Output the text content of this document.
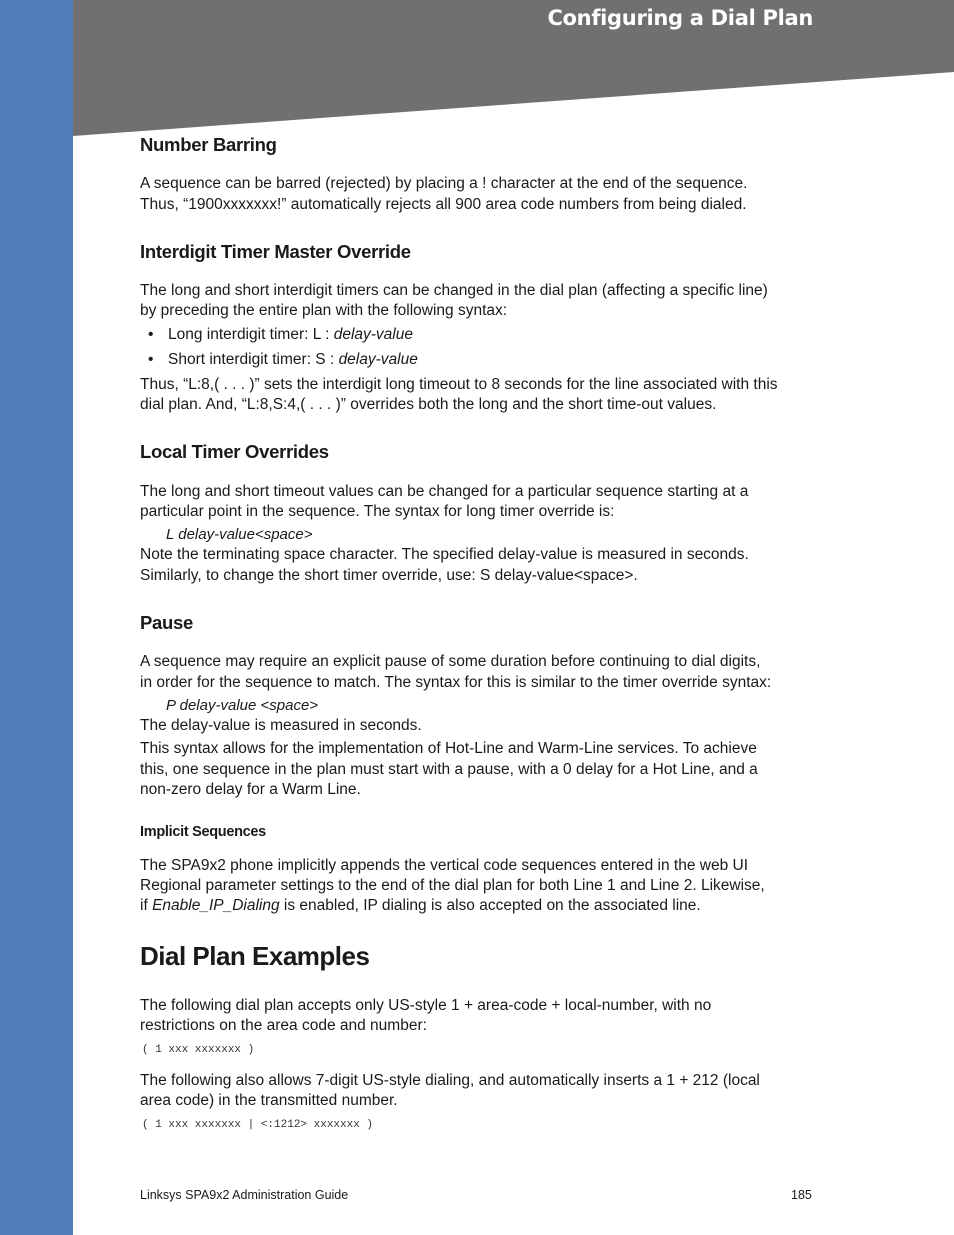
Configuring a Dial Plan
Number Barring

A sequence can be barred (rejected) by placing a ! character at the end of the sequence.

Thus, “1900xxxxxxx!” automatically rejects all 900 area code numbers from being dialed.

Interdigit Timer Master Override

The long and short interdigit timers can be changed in the dial plan (affecting a specific line)

by preceding the entire plan with the following syntax:

• Long interdigit timer: L : delay-value
• Short interdigit timer: S : delay-value

Thus, “L:8,( . . . )” sets the interdigit long timeout to 8 seconds for the line associated with this

dial plan. And, “L:8,S:4,( . . . )” overrides both the long and the short time-out values.

Local Timer Overrides

The long and short timeout values can be changed for a particular sequence starting at a

particular point in the sequence. The syntax for long timer override is:

L delay-value<space>

Note the terminating space character. The specified delay-value is measured in seconds.

Similarly, to change the short timer override, use: S delay-value<space>.

Pause

A sequence may require an explicit pause of some duration before continuing to dial digits,

in order for the sequence to match. The syntax for this is similar to the timer override syntax:

P delay-value <space>

The delay-value is measured in seconds.

This syntax allows for the implementation of Hot-Line and Warm-Line services. To achieve

this, one sequence in the plan must start with a pause, with a 0 delay for a Hot Line, and a

non-zero delay for a Warm Line.

Implicit Sequences

The SPA9x2 phone implicitly appends the vertical code sequences entered in the web UI

Regional parameter settings to the end of the dial plan for both Line 1 and Line 2. Likewise,

if Enable_IP_Dialing is enabled, IP dialing is also accepted on the associated line.

Dial Plan Examples

The following dial plan accepts only US-style 1 + area-code + local-number, with no

restrictions on the area code and number:

( 1 xxx xxxxxxx )

The following also allows 7-digit US-style dialing, and automatically inserts a 1 + 212 (local

area code) in the transmitted number.

( 1 xxx xxxxxxx | <:1212> xxxxxxx )
Linksys SPA9x2 Administration Guide	185
